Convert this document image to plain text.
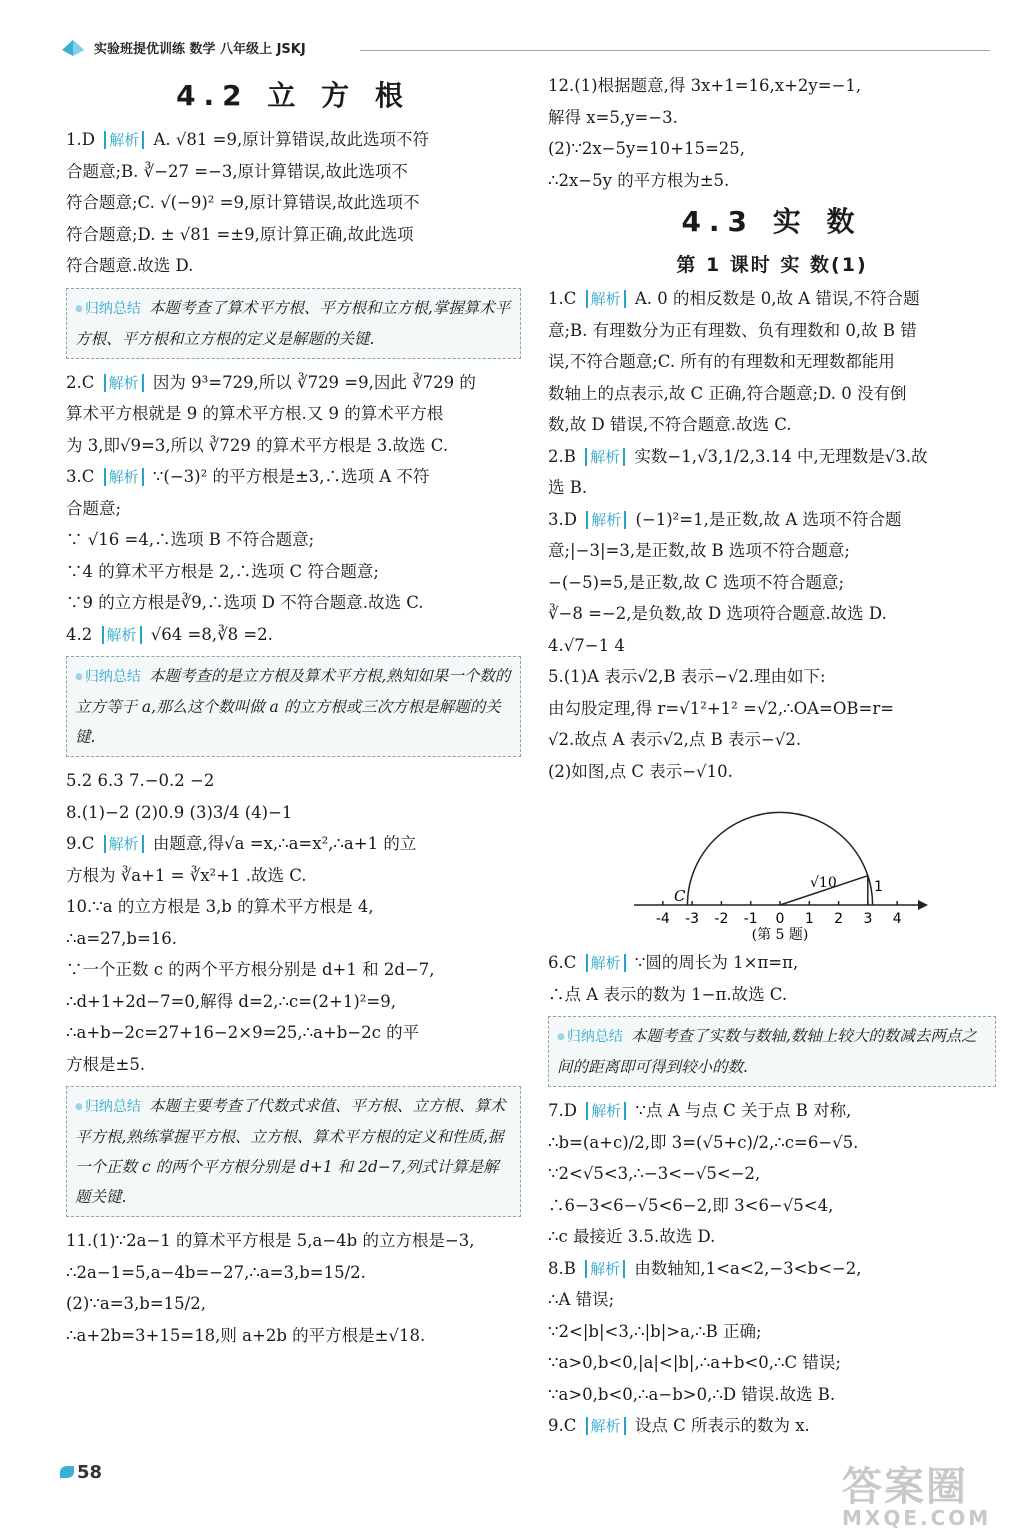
实验班提优训练 数学 八年级上 JSKJ
4.2 立 方 根
1.D 解析 A. √81 =9,原计算错误,故此选项不符
合题意;B. ∛−27 =−3,原计算错误,故此选项不
符合题意;C. √(−9)² =9,原计算错误,故此选项不
符合题意;D. ± √81 =±9,原计算正确,故此选项
符合题意.故选 D.
● 归纳总结 本题考查了算术平方根、平方根和立方根,掌握算术平方根、平方根和立方根的定义是解题的关键.
2.C 解析 因为 9³=729,所以 ∛729 =9,因此 ∛729 的
算术平方根就是 9 的算术平方根.又 9 的算术平方根
为 3,即√9=3,所以 ∛729 的算术平方根是 3.故选 C.
3.C 解析 ∵(−3)² 的平方根是±3,∴选项 A 不符
合题意;
∵ √16 =4,∴选项 B 不符合题意;
∵4 的算术平方根是 2,∴选项 C 符合题意;
∵9 的立方根是∛9,∴选项 D 不符合题意.故选 C.
4.2 解析 √64 =8,∛8 =2.
● 归纳总结 本题考查的是立方根及算术平方根,熟知如果一个数的立方等于 a,那么这个数叫做 a 的立方根或三次方根是解题的关键.
5.2 6.3 7.−0.2 −2
8.(1)−2 (2)0.9 (3)3/4 (4)−1
9.C 解析 由题意,得√a =x,∴a=x²,∴a+1 的立
方根为 ∛a+1 = ∛x²+1 .故选 C.
10.∵a 的立方根是 3,b 的算术平方根是 4,
∴a=27,b=16.
∵一个正数 c 的两个平方根分别是 d+1 和 2d−7,
∴d+1+2d−7=0,解得 d=2,∴c=(2+1)²=9,
∴a+b−2c=27+16−2×9=25,∴a+b−2c 的平
方根是±5.
● 归纳总结 本题主要考查了代数式求值、平方根、立方根、算术平方根,熟练掌握平方根、立方根、算术平方根的定义和性质,据一个正数 c 的两个平方根分别是 d+1 和 2d−7,列式计算是解题关键.
11.(1)∵2a−1 的算术平方根是 5,a−4b 的立方根是−3,
∴2a−1=5,a−4b=−27,∴a=3,b=15/2.
(2)∵a=3,b=15/2,
∴a+2b=3+15=18,则 a+2b 的平方根是±√18.
12.(1)根据题意,得 3x+1=16,x+2y=−1,
解得 x=5,y=−3.
(2)∵2x−5y=10+15=25,
∴2x−5y 的平方根为±5.
4.3 实 数
第 1 课时 实 数(1)
1.C 解析 A. 0 的相反数是 0,故 A 错误,不符合题
意;B. 有理数分为正有理数、负有理数和 0,故 B 错
误,不符合题意;C. 所有的有理数和无理数都能用
数轴上的点表示,故 C 正确,符合题意;D. 0 没有倒
数,故 D 错误,不符合题意.故选 C.
2.B 解析 实数−1,√3,1/2,3.14 中,无理数是√3.故
选 B.
3.D 解析 (−1)²=1,是正数,故 A 选项不符合题
意;|−3|=3,是正数,故 B 选项不符合题意;
−(−5)=5,是正数,故 C 选项不符合题意;
∛−8 =−2,是负数,故 D 选项符合题意.故选 D.
4.√7−1 4
5.(1)A 表示√2,B 表示−√2.理由如下:
由勾股定理,得 r=√1²+1² =√2,∴OA=OB=r=
√2.故点 A 表示√2,点 B 表示−√2.
(2)如图,点 C 表示−√10.
-4 -3 -2 -1 0 1 2 3 4
C
√10	1
(第 5 题)
6.C 解析 ∵圆的周长为 1×π=π,
∴点 A 表示的数为 1−π.故选 C.
● 归纳总结 本题考查了实数与数轴,数轴上较大的数减去两点之间的距离即可得到较小的数.
7.D 解析 ∵点 A 与点 C 关于点 B 对称,
∴b=(a+c)/2,即 3=(√5+c)/2,∴c=6−√5.
∵2<√5<3,∴−3<−√5<−2,
∴6−3<6−√5<6−2,即 3<6−√5<4,
∴c 最接近 3.5.故选 D.
8.B 解析 由数轴知,1<a<2,−3<b<−2,
∴A 错误;
∵2<|b|<3,∴|b|>a,∴B 正确;
∵a>0,b<0,|a|<|b|,∴a+b<0,∴C 错误;
∵a>0,b<0,∴a−b>0,∴D 错误.故选 B.
9.C 解析 设点 C 所表示的数为 x.
58	答案圈
MXQE.COM
